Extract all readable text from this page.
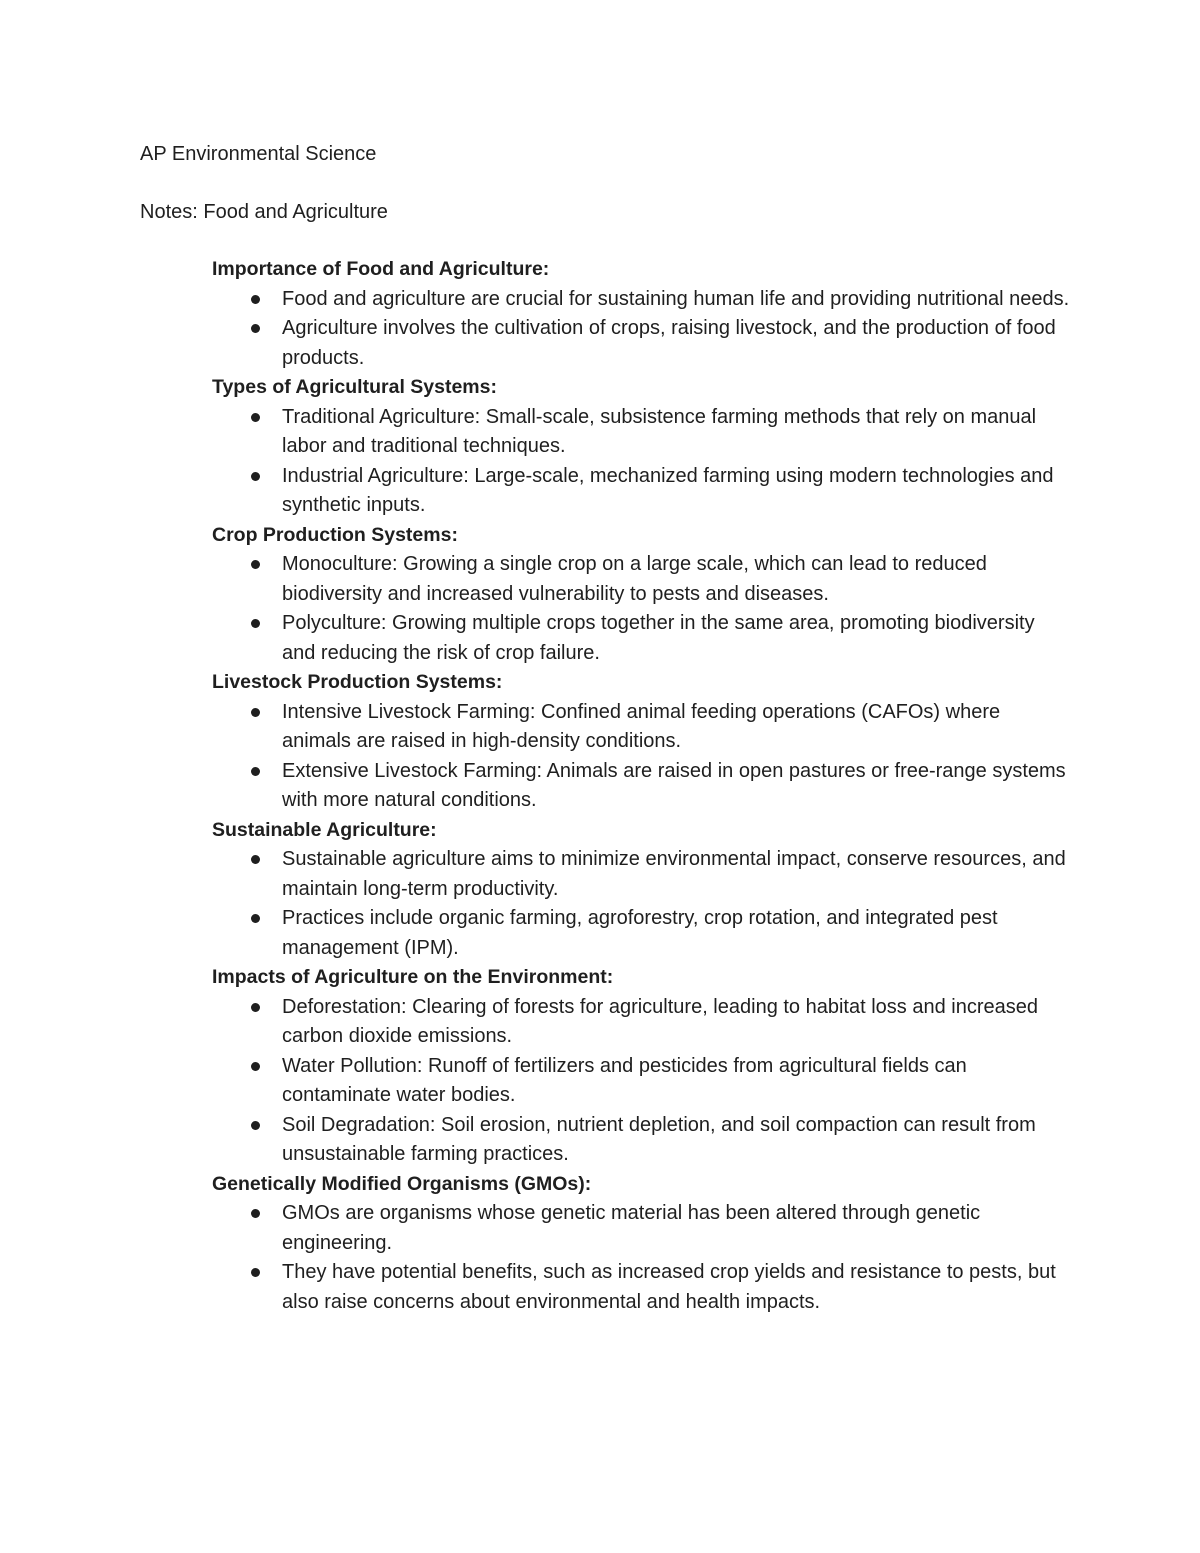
AP Environmental Science
Notes: Food and Agriculture
Importance of Food and Agriculture:
Food and agriculture are crucial for sustaining human life and providing nutritional needs.
Agriculture involves the cultivation of crops, raising livestock, and the production of food products.
Types of Agricultural Systems:
Traditional Agriculture: Small-scale, subsistence farming methods that rely on manual labor and traditional techniques.
Industrial Agriculture: Large-scale, mechanized farming using modern technologies and synthetic inputs.
Crop Production Systems:
Monoculture: Growing a single crop on a large scale, which can lead to reduced biodiversity and increased vulnerability to pests and diseases.
Polyculture: Growing multiple crops together in the same area, promoting biodiversity and reducing the risk of crop failure.
Livestock Production Systems:
Intensive Livestock Farming: Confined animal feeding operations (CAFOs) where animals are raised in high-density conditions.
Extensive Livestock Farming: Animals are raised in open pastures or free-range systems with more natural conditions.
Sustainable Agriculture:
Sustainable agriculture aims to minimize environmental impact, conserve resources, and maintain long-term productivity.
Practices include organic farming, agroforestry, crop rotation, and integrated pest management (IPM).
Impacts of Agriculture on the Environment:
Deforestation: Clearing of forests for agriculture, leading to habitat loss and increased carbon dioxide emissions.
Water Pollution: Runoff of fertilizers and pesticides from agricultural fields can contaminate water bodies.
Soil Degradation: Soil erosion, nutrient depletion, and soil compaction can result from unsustainable farming practices.
Genetically Modified Organisms (GMOs):
GMOs are organisms whose genetic material has been altered through genetic engineering.
They have potential benefits, such as increased crop yields and resistance to pests, but also raise concerns about environmental and health impacts.
